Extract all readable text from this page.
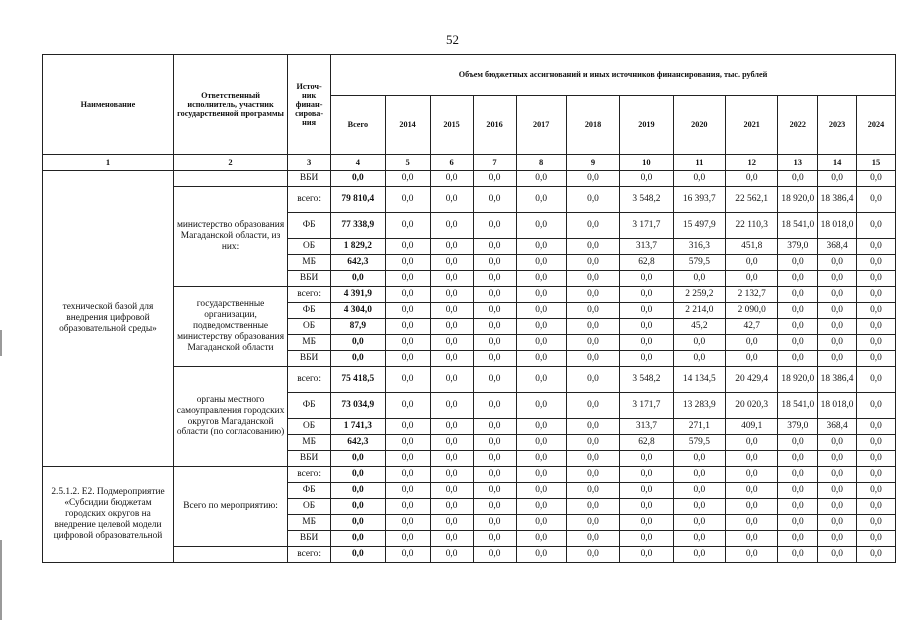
52
Наименование	Ответственный исполнитель, участник государственной программы	Источ-ник финан-сирова-ния	Объем бюджетных ассигнований и иных источников финансирования, тыс. рублей											
			Всего	2014	2015	2016	2017	2018	2019	2020	2021	2022	2023	2024
1	2	3	4	5	6	7	8	9	10	11	12	13	14	15
технической базой для внедрения цифровой образовательной среды»		ВБИ	0,0	0,0	0,0	0,0	0,0	0,0	0,0	0,0	0,0	0,0	0,0	0,0
	министерство образования Магаданской области, из них:	всего:	79 810,4	0,0	0,0	0,0	0,0	0,0	3 548,2	16 393,7	22 562,1	18 920,0	18 386,4	0,0
		ФБ	77 338,9	0,0	0,0	0,0	0,0	0,0	3 171,7	15 497,9	22 110,3	18 541,0	18 018,0	0,0
		ОБ	1 829,2	0,0	0,0	0,0	0,0	0,0	313,7	316,3	451,8	379,0	368,4	0,0
		МБ	642,3	0,0	0,0	0,0	0,0	0,0	62,8	579,5	0,0	0,0	0,0	0,0
		ВБИ	0,0	0,0	0,0	0,0	0,0	0,0	0,0	0,0	0,0	0,0	0,0	0,0
	государственные организации, подведомственные министерству образования Магаданской области	всего:	4 391,9	0,0	0,0	0,0	0,0	0,0	0,0	2 259,2	2 132,7	0,0	0,0	0,0
		ФБ	4 304,0	0,0	0,0	0,0	0,0	0,0	0,0	2 214,0	2 090,0	0,0	0,0	0,0
		ОБ	87,9	0,0	0,0	0,0	0,0	0,0	0,0	45,2	42,7	0,0	0,0	0,0
		МБ	0,0	0,0	0,0	0,0	0,0	0,0	0,0	0,0	0,0	0,0	0,0	0,0
		ВБИ	0,0	0,0	0,0	0,0	0,0	0,0	0,0	0,0	0,0	0,0	0,0	0,0
	органы местного самоуправления городских округов Магаданской области (по согласованию)	всего:	75 418,5	0,0	0,0	0,0	0,0	0,0	3 548,2	14 134,5	20 429,4	18 920,0	18 386,4	0,0
		ФБ	73 034,9	0,0	0,0	0,0	0,0	0,0	3 171,7	13 283,9	20 020,3	18 541,0	18 018,0	0,0
		ОБ	1 741,3	0,0	0,0	0,0	0,0	0,0	313,7	271,1	409,1	379,0	368,4	0,0
		МБ	642,3	0,0	0,0	0,0	0,0	0,0	62,8	579,5	0,0	0,0	0,0	0,0
		ВБИ	0,0	0,0	0,0	0,0	0,0	0,0	0,0	0,0	0,0	0,0	0,0	0,0
2.5.1.2. Е2. Подмероприятие «Субсидии бюджетам городских округов на внедрение целевой модели цифровой образовательной	Всего по мероприятию:	всего:	0,0	0,0	0,0	0,0	0,0	0,0	0,0	0,0	0,0	0,0	0,0	0,0
		ФБ	0,0	0,0	0,0	0,0	0,0	0,0	0,0	0,0	0,0	0,0	0,0	0,0
		ОБ	0,0	0,0	0,0	0,0	0,0	0,0	0,0	0,0	0,0	0,0	0,0	0,0
		МБ	0,0	0,0	0,0	0,0	0,0	0,0	0,0	0,0	0,0	0,0	0,0	0,0
		ВБИ	0,0	0,0	0,0	0,0	0,0	0,0	0,0	0,0	0,0	0,0	0,0	0,0
		всего:	0,0	0,0	0,0	0,0	0,0	0,0	0,0	0,0	0,0	0,0	0,0	0,0
